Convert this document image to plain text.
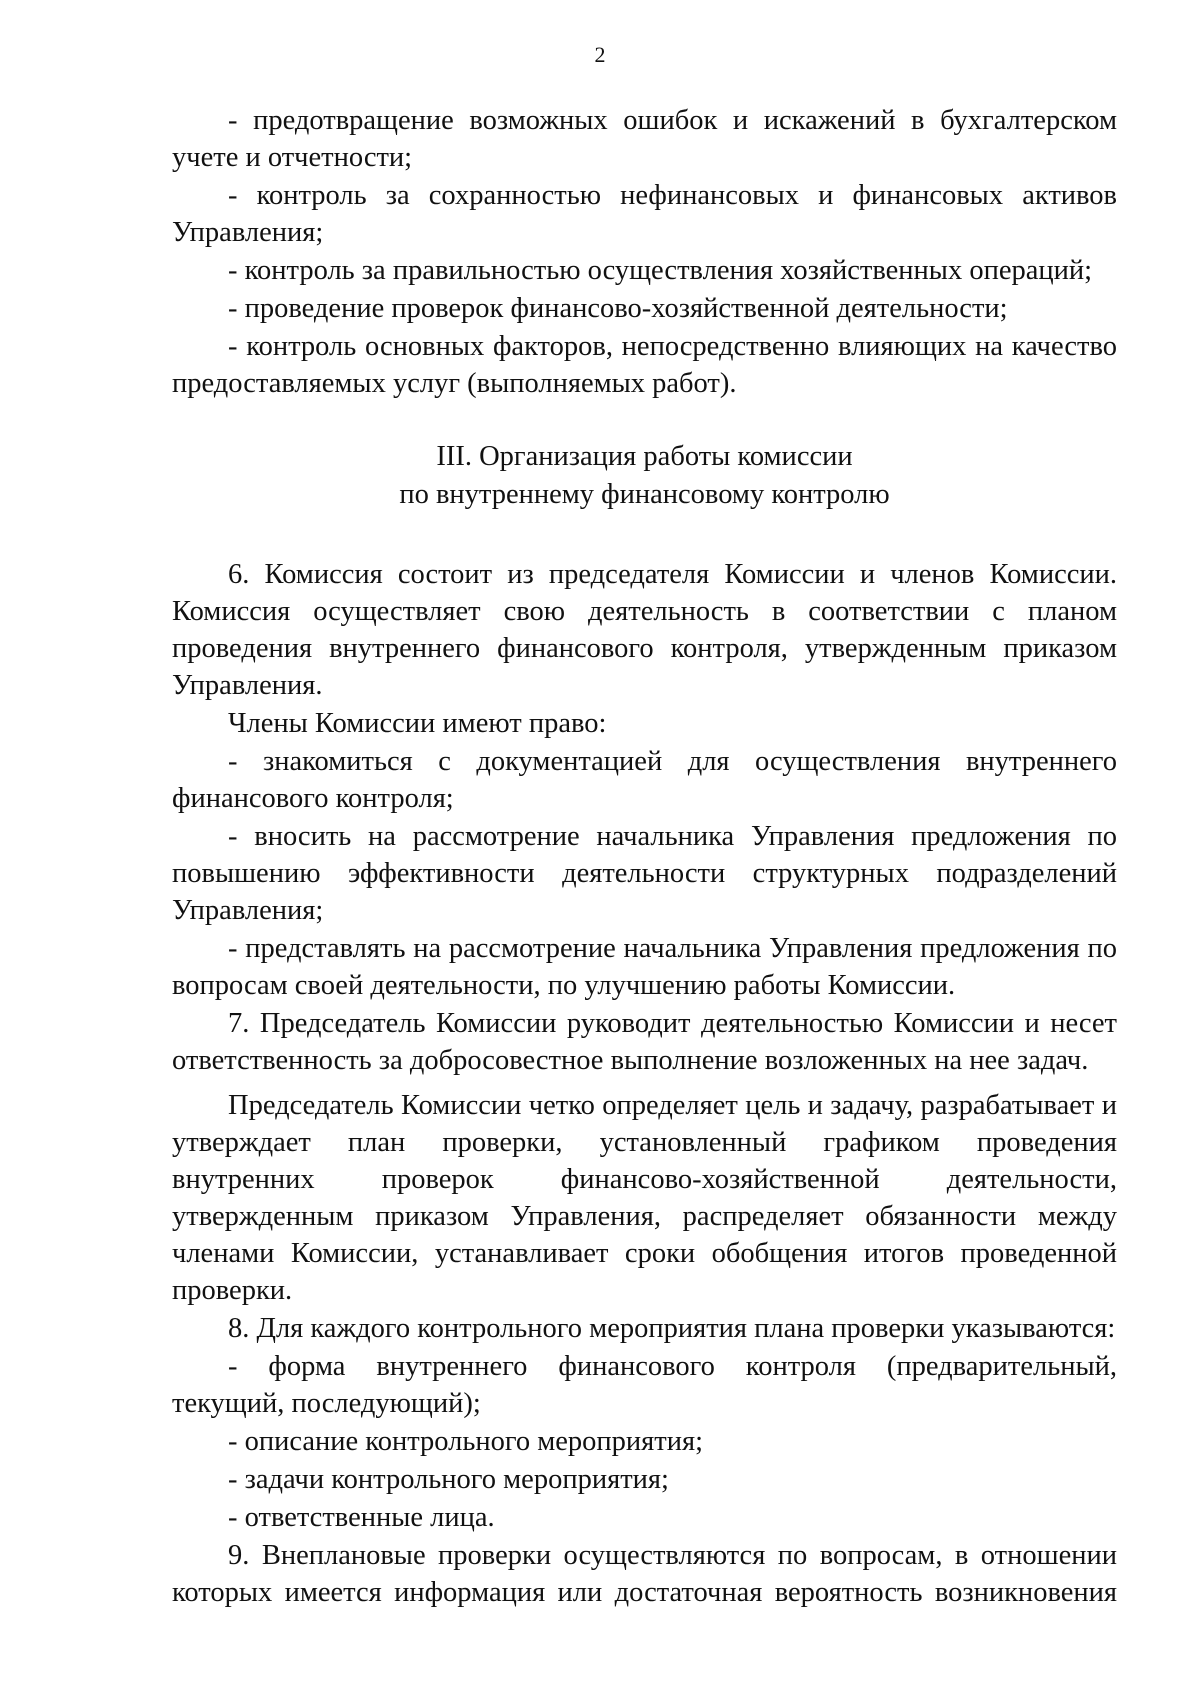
2

- предотвращение возможных ошибок и искажений в бухгалтерском учете и отчетности;

- контроль за сохранностью нефинансовых и финансовых активов Управления;

- контроль за правильностью осуществления хозяйственных операций;

- проведение проверок финансово-хозяйственной деятельности;

- контроль основных факторов, непосредственно влияющих на качество предоставляемых услуг (выполняемых работ).

III. Организация работы комиссии
по внутреннему финансовому контролю

6. Комиссия состоит из председателя Комиссии и членов Комиссии. Комиссия осуществляет свою деятельность в соответствии с планом проведения внутреннего финансового контроля, утвержденным приказом Управления.

Члены Комиссии имеют право:

- знакомиться с документацией для осуществления внутреннего финансового контроля;

- вносить на рассмотрение начальника Управления предложения по повышению эффективности деятельности структурных подразделений Управления;

- представлять на рассмотрение начальника Управления предложения по вопросам своей деятельности, по улучшению работы Комиссии.

7. Председатель Комиссии руководит деятельностью Комиссии и несет ответственность за добросовестное выполнение возложенных на нее задач.

Председатель Комиссии четко определяет цель и задачу, разрабатывает и утверждает план проверки, установленный графиком проведения внутренних проверок финансово-хозяйственной деятельности, утвержденным приказом Управления, распределяет обязанности между членами Комиссии, устанавливает сроки обобщения итогов проведенной проверки.

8. Для каждого контрольного мероприятия плана проверки указываются:

- форма внутреннего финансового контроля (предварительный, текущий, последующий);

- описание контрольного мероприятия;

- задачи контрольного мероприятия;

- ответственные лица.

9. Внеплановые проверки осуществляются по вопросам, в отношении которых имеется информация или достаточная вероятность возникновения
